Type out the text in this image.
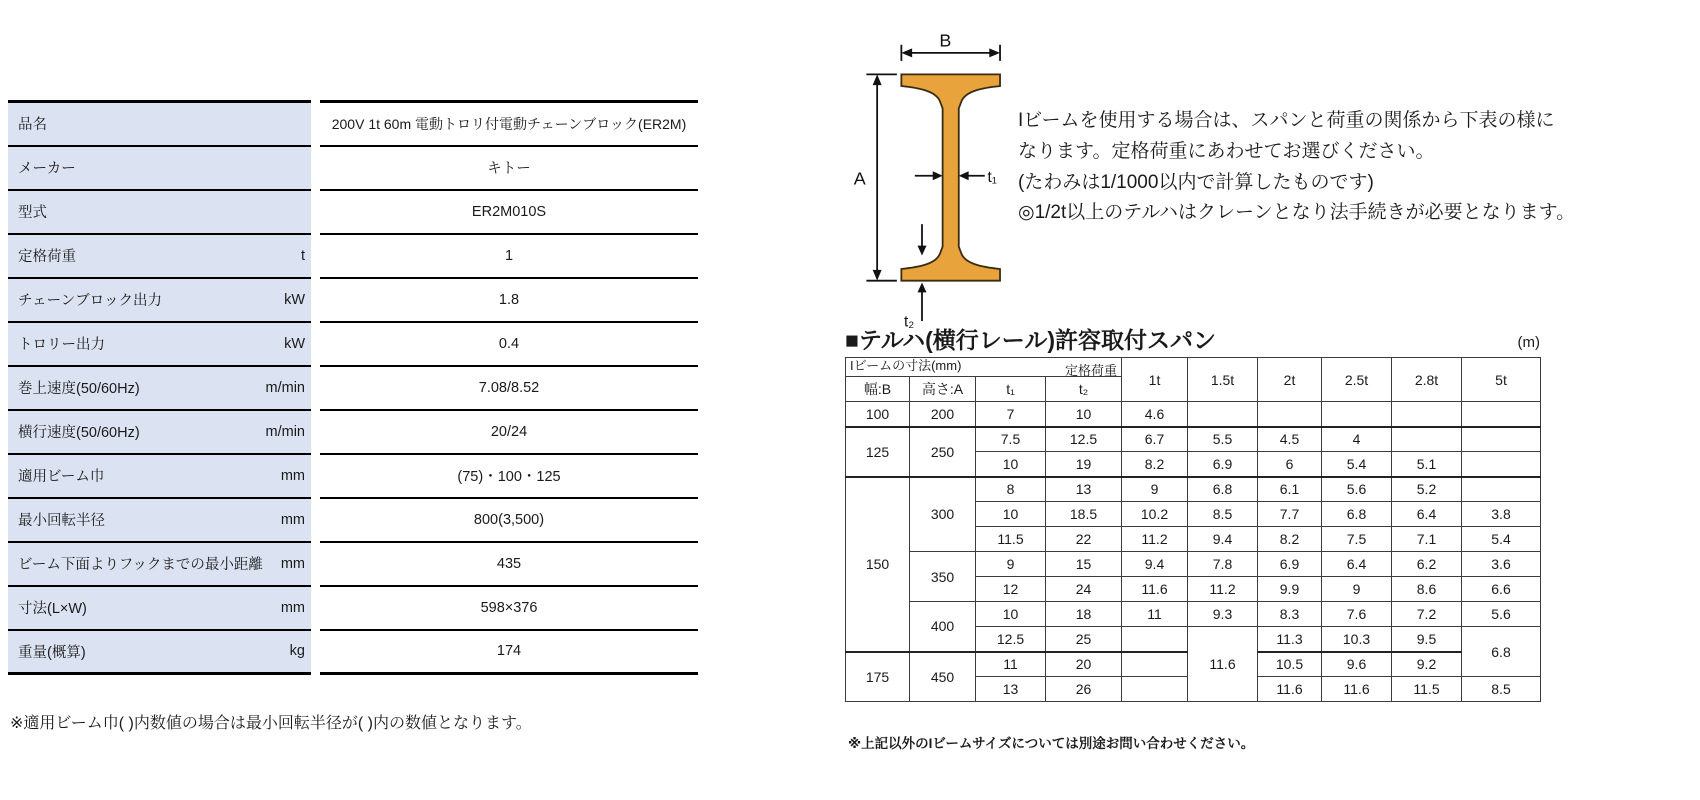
品名		200V 1t 60m 電動トロリ付電動チェーンブロック(ER2M)

メーカー		キトー

型式		ER2M010S

定格荷重 t		1

チェーンブロック出力 kW		1.8

トロリー出力 kW		0.4

巻上速度(50/60Hz) m/min		7.08/8.52

横行速度(50/60Hz) m/min		20/24

適用ビーム巾 mm		(75)・100・125

最小回転半径 mm		800(3,500)

ビーム下面よりフックまでの最小距離 mm		435

寸法(L×W) mm		598×376

重量(概算) kg		174
※適用ビーム巾( )内数値の場合は最小回転半径が( )内の数値となります。
B
A	t₁
t₂
Iビームを使用する場合は、スパンと荷重の関係から下表の様に
なります。定格荷重にあわせてお選びください。
(たわみは1/1000以内で計算したものです)
◎1/2t以上のテルハはクレーンとなり法手続きが必要となります。
■テルハ(横行レール)許容取付スパン	(m)
定格荷重
Iビームの寸法(mm)				1t	1.5t	2t	2.5t	2.8t	5t
幅:B	高さ:A	t₁	t₂						
100	200	7	10	4.6					
125	250	7.5	12.5	6.7	5.5	4.5	4		
		10	19	8.2	6.9	6	5.4	5.1	
150	300	8	13	9	6.8	6.1	5.6	5.2	
		10	18.5	10.2	8.5	7.7	6.8	6.4	3.8
		11.5	22	11.2	9.4	8.2	7.5	7.1	5.4
	350	9	15	9.4	7.8	6.9	6.4	6.2	3.6
		12	24	11.6	11.2	9.9	9	8.6	6.6
	400	10	18	11	9.3	8.3	7.6	7.2	5.6
		12.5	25		11.6	11.3	10.3	9.5	6.8
175	450	11	20			10.5	9.6	9.2	
		13	26			11.6	11.6	11.5	8.5
※上記以外のIビームサイズについては別途お問い合わせください。
